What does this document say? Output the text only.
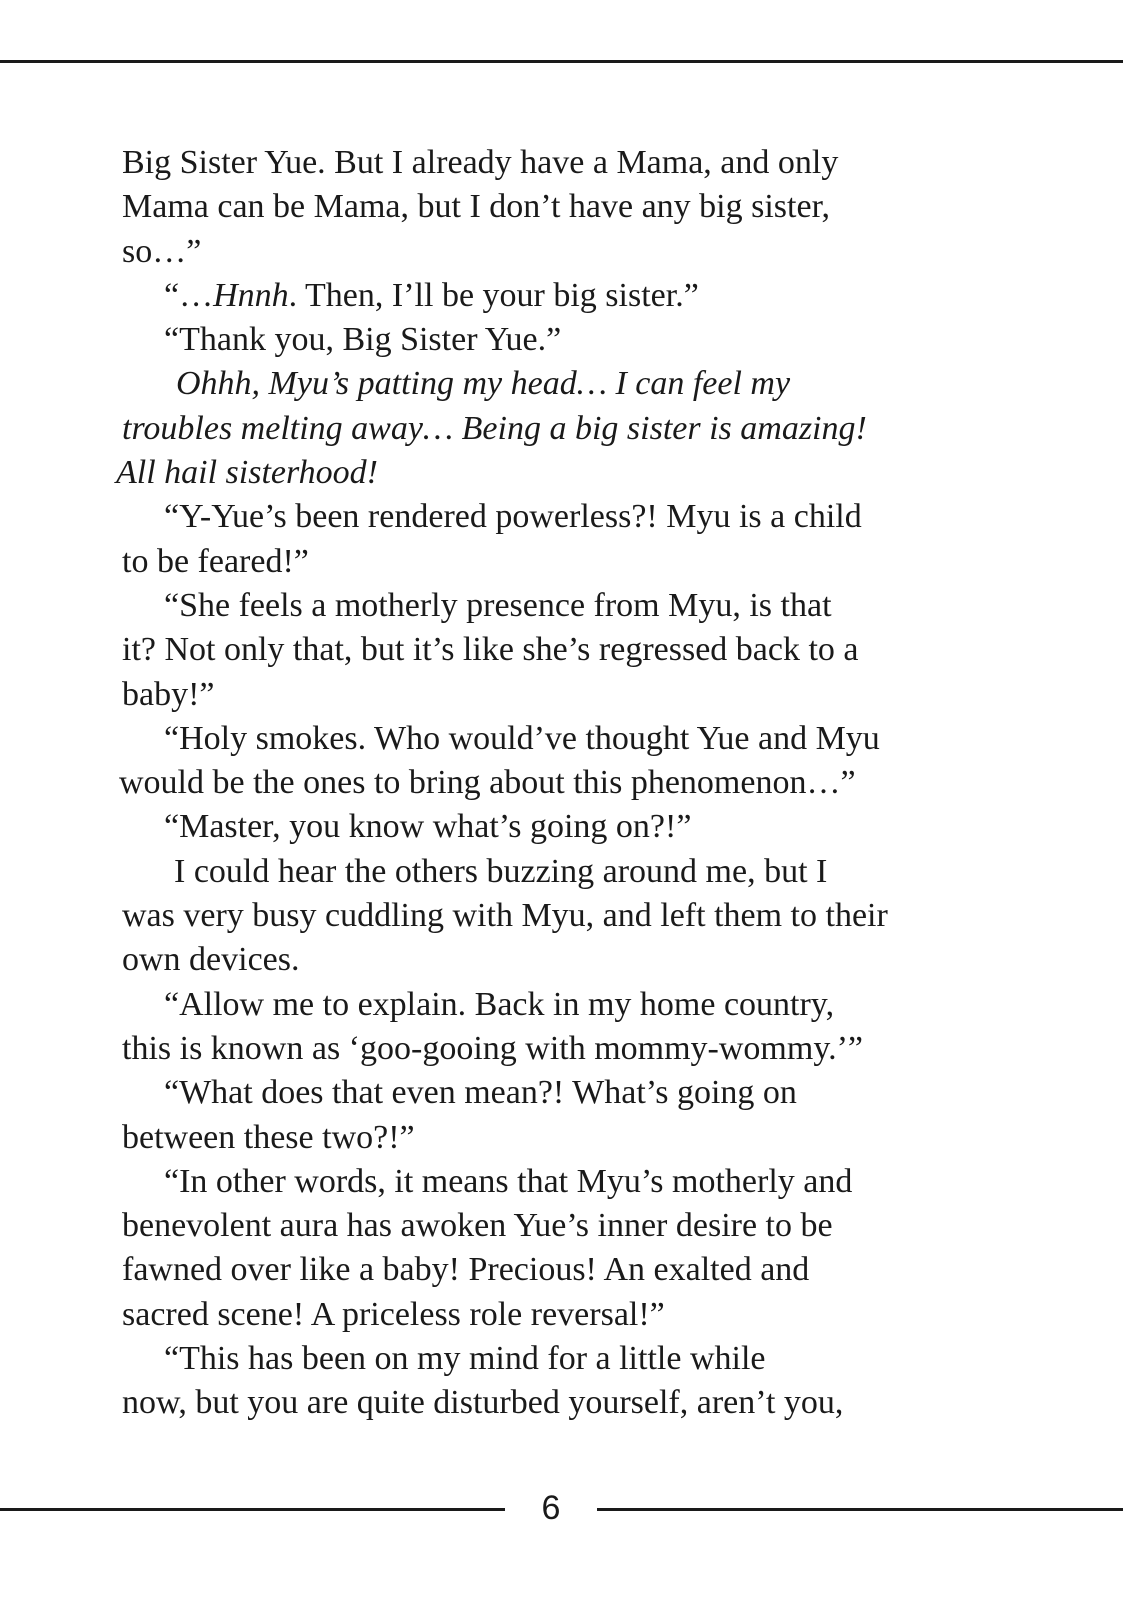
Big Sister Yue. But I already have a Mama, and only
Mama can be Mama, but I don’t have any big sister,
so…”
“…Hnnh. Then, I’ll be your big sister.”
“Thank you, Big Sister Yue.”
Ohhh, Myu’s patting my head… I can feel my
troubles melting away… Being a big sister is amazing!
All hail sisterhood!
“Y-Yue’s been rendered powerless?! Myu is a child
to be feared!”
“She feels a motherly presence from Myu, is that
it? Not only that, but it’s like she’s regressed back to a
baby!”
“Holy smokes. Who would’ve thought Yue and Myu
would be the ones to bring about this phenomenon…”
“Master, you know what’s going on?!”
I could hear the others buzzing around me, but I
was very busy cuddling with Myu, and left them to their
own devices.
“Allow me to explain. Back in my home country,
this is known as ‘goo-gooing with mommy-wommy.’”
“What does that even mean?! What’s going on
between these two?!”
“In other words, it means that Myu’s motherly and
benevolent aura has awoken Yue’s inner desire to be
fawned over like a baby! Precious! An exalted and
sacred scene! A priceless role reversal!”
“This has been on my mind for a little while
now, but you are quite disturbed yourself, aren’t you,
6
